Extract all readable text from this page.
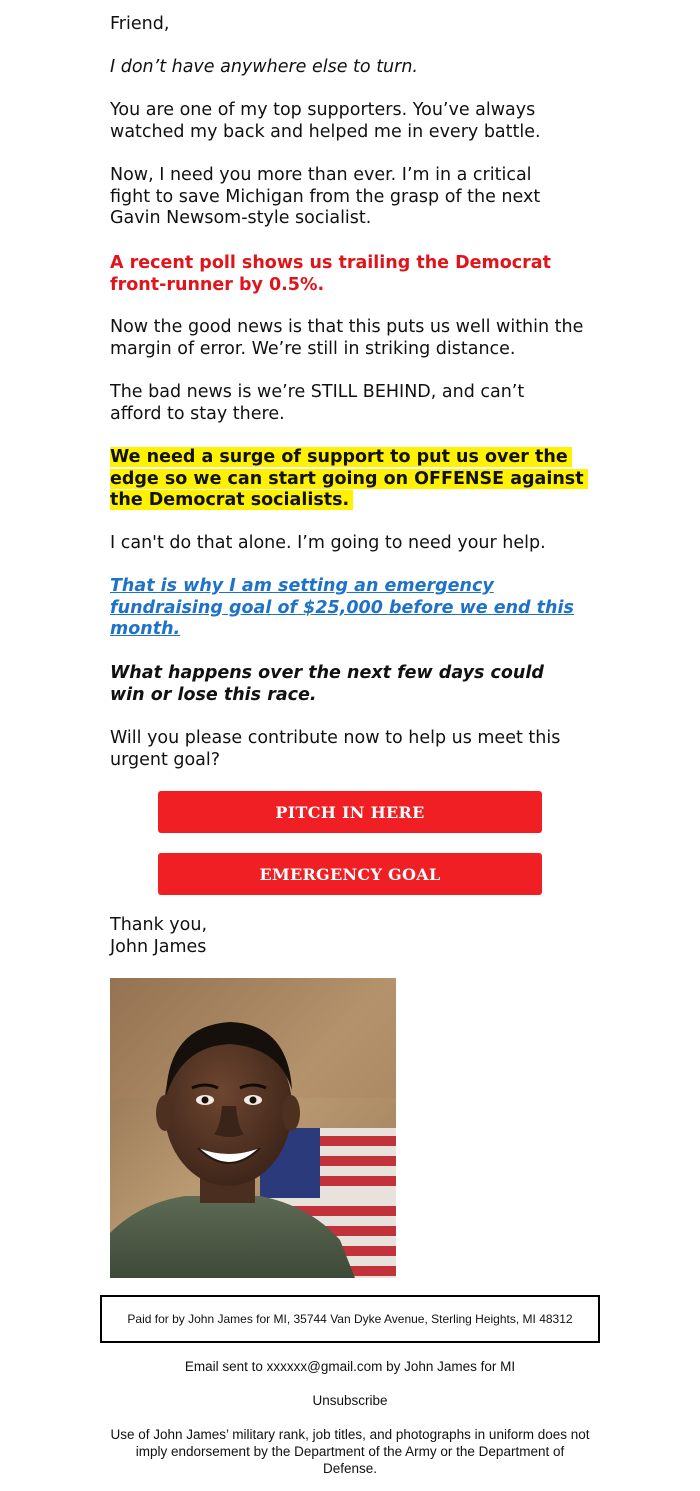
Friend,

I don’t have anywhere else to turn.

You are one of my top supporters. You’ve always watched my back and helped me in every battle.

Now, I need you more than ever. I’m in a critical fight to save Michigan from the grasp of the next Gavin Newsom-style socialist.

A recent poll shows us trailing the Democrat front-runner by 0.5%.

Now the good news is that this puts us well within the margin of error. We’re still in striking distance.

The bad news is we’re STILL BEHIND, and can’t afford to stay there.

We need a surge of support to put us over the edge so we can start going on OFFENSE against the Democrat socialists.

I can't do that alone. I’m going to need your help.

That is why I am setting an emergency fundraising goal of $25,000 before we end this month.

What happens over the next few days could win or lose this race.

Will you please contribute now to help us meet this urgent goal?

PITCH IN HERE
EMERGENCY GOAL

Thank you,

John James

Paid for by John James for MI, 35744 Van Dyke Avenue, Sterling Heights, MI 48312
Email sent to xxxxxx@gmail.com by John James for MI
Unsubscribe
Use of John James’ military rank, job titles, and photographs in uniform does not imply endorsement by the Department of the Army or the Department of Defense.
